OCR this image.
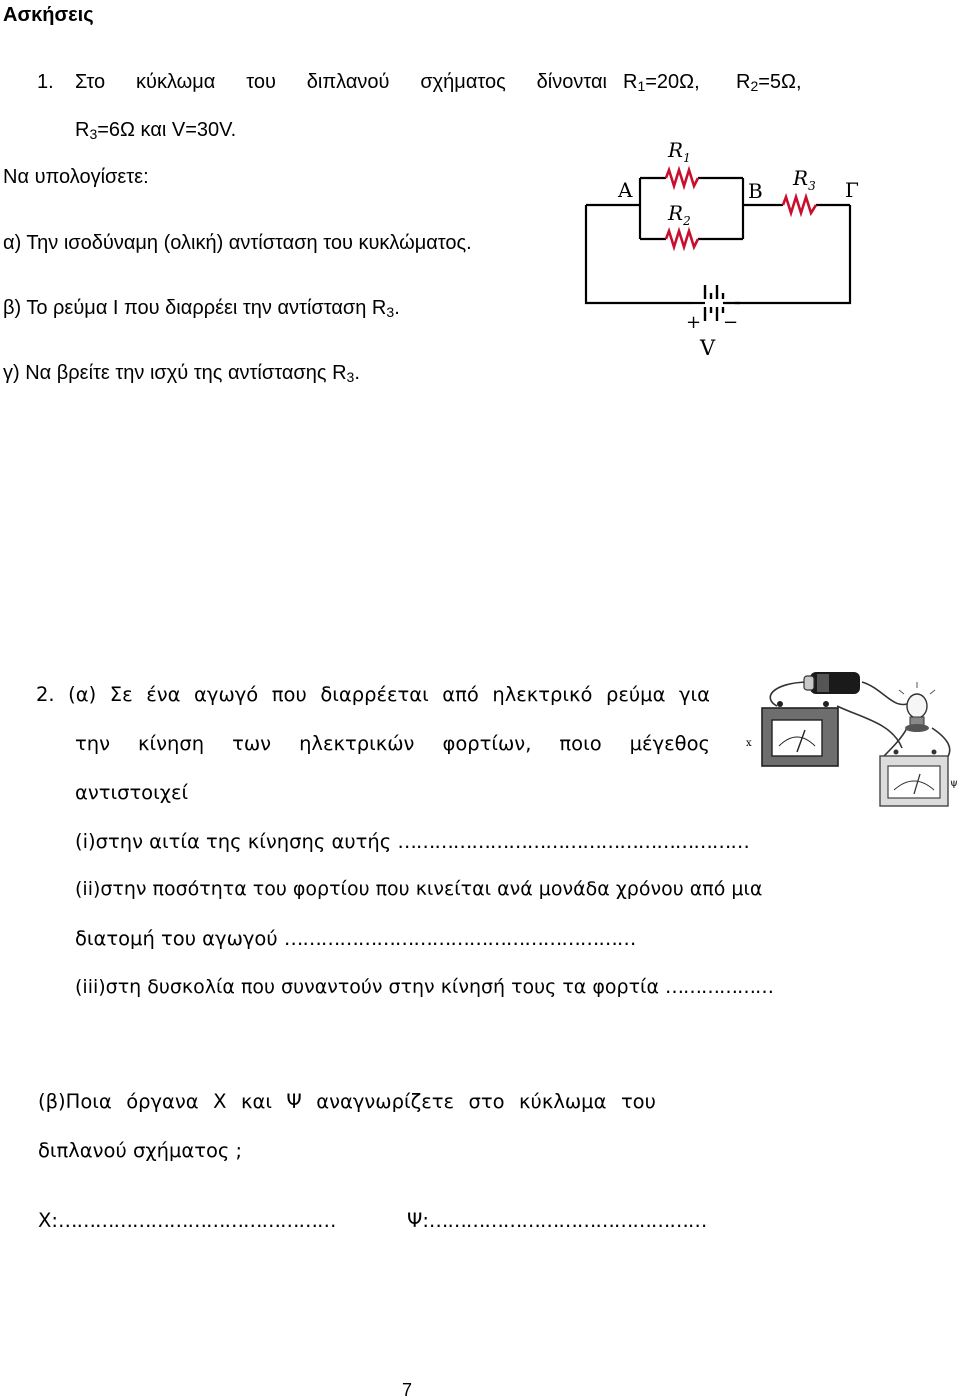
Ασκήσεις
1. Στο κύκλωμα του διπλανού σχήματος δίνονται $R_1=20\Omega$, $R_2=5\Omega$,
$R_3=6\Omega$ και V=30V.
Να υπολογίσετε:
α) Την ισοδύναμη (ολική) αντίσταση του κυκλώματος.
β) Το ρεύμα Ι που διαρρέει την αντίσταση $R_3$.
γ) Να βρείτε την ισχύ της αντίστασης $R_3$.
A	B	Γ
$R_1$
$R_2$
$R_3$
+ −
V
2. (α) Σε ένα αγωγό που διαρρέεται από ηλεκτρικό ρεύμα για
την κίνηση των ηλεκτρικών φορτίων, ποιο μέγεθος
αντιστοιχεί
(i)στην αιτία της κίνησης αυτής …………………………………………………
(ii)στην ποσότητα του φορτίου που κινείται ανά μονάδα χρόνου από μια
διατομή του αγωγού …………………………………………………
(iii)στη δυσκολία που συναντούν στην κίνησή τους τα φορτία ………………
(β)Ποια όργανα Χ και Ψ αναγνωρίζετε στο κύκλωμα του
διπλανού σχήματος ;
Χ:………………………………………	Ψ:………………………………………
x
ψ
7
